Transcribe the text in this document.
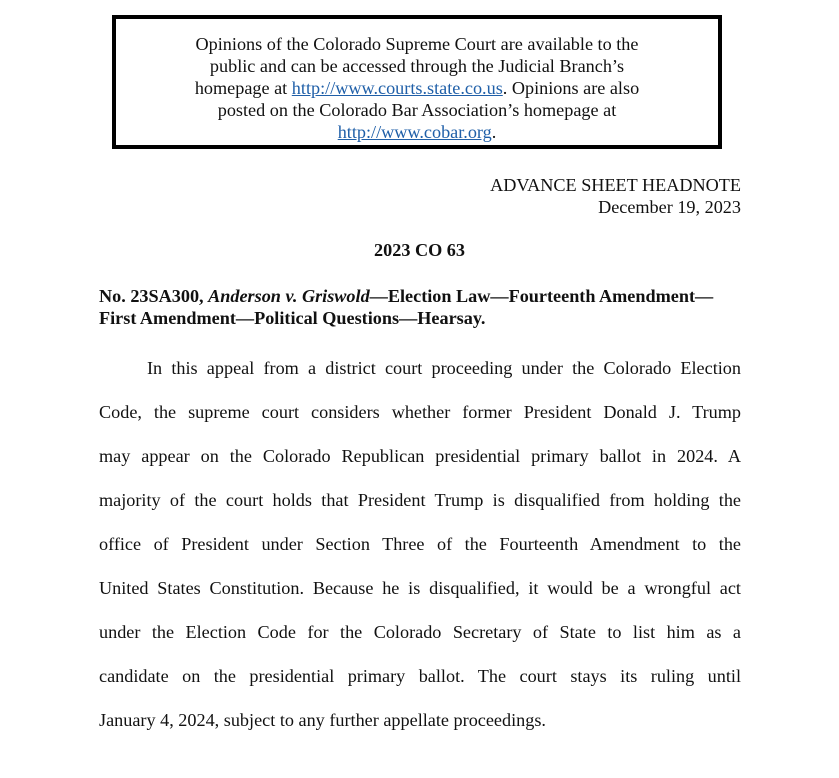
Opinions of the Colorado Supreme Court are available to the
public and can be accessed through the Judicial Branch’s
homepage at http://www.courts.state.co.us. Opinions are also
posted on the Colorado Bar Association’s homepage at
http://www.cobar.org.
ADVANCE SHEET HEADNOTE
December 19, 2023
2023 CO 63
No. 23SA300, Anderson v. Griswold—Election Law—Fourteenth Amendment—
First Amendment—Political Questions—Hearsay.
In this appeal from a district court proceeding under the Colorado Election
Code, the supreme court considers whether former President Donald J. Trump
may appear on the Colorado Republican presidential primary ballot in 2024. A
majority of the court holds that President Trump is disqualified from holding the
office of President under Section Three of the Fourteenth Amendment to the
United States Constitution. Because he is disqualified, it would be a wrongful act
under the Election Code for the Colorado Secretary of State to list him as a
candidate on the presidential primary ballot. The court stays its ruling until
January 4, 2024, subject to any further appellate proceedings.
